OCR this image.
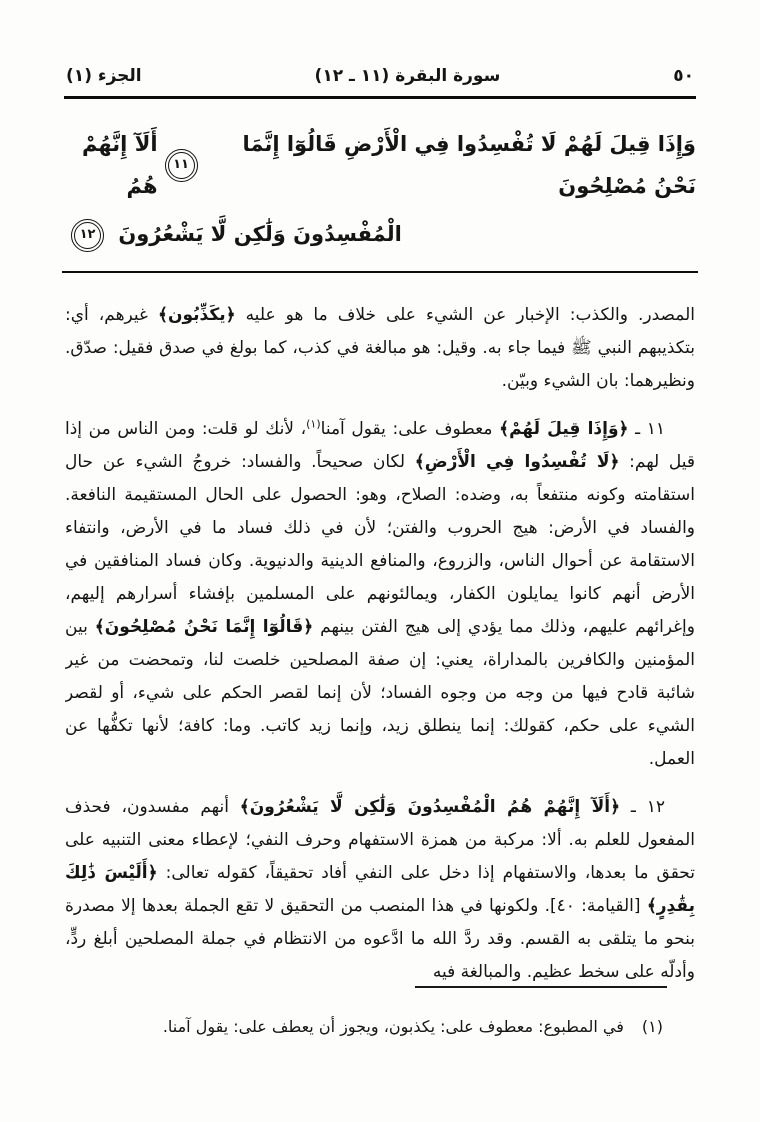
٥٠
سورة البقرة (١١ ـ ١٢)
الجزء (١)
وَإِذَا قِيلَ لَهُمْ لَا تُفْسِدُوا فِي الْأَرْضِ قَالُوٓا إِنَّمَا نَحْنُ مُصْلِحُونَ
١١
أَلَآ إِنَّهُمْ هُمُ
الْمُفْسِدُونَ وَلَٰكِن لَّا يَشْعُرُونَ ١٢

المصدر. والكذب: الإخبار عن الشيء على خلاف ما هو عليه ﴿يكَذِّبُون﴾ غيرهم، أي: بتكذيبهم النبي ﷺ فيما جاء به. وقيل: هو مبالغة في كذب، كما بولغ في صدق فقيل: صدّق. ونظيرهما: بان الشيء وبيّن.

١١ ـ ﴿وَإِذَا قِيلَ لَهُمْ﴾ معطوف على: يقول آمنا$^{(١)}$، لأنك لو قلت: ومن الناس من إذا قيل لهم: ﴿لَا تُفْسِدُوا فِي الْأَرْضِ﴾ لكان صحيحاً. والفساد: خروجُ الشيء عن حال استقامته وكونه منتفعاً به، وضده: الصلاح، وهو: الحصول على الحال المستقيمة النافعة. والفساد في الأرض: هيج الحروب والفتن؛ لأن في ذلك فساد ما في الأرض، وانتفاء الاستقامة عن أحوال الناس، والزروع، والمنافع الدينية والدنيوية. وكان فساد المنافقين في الأرض أنهم كانوا يمايلون الكفار، ويمالئونهم على المسلمين بإفشاء أسرارهم إليهم، وإغرائهم عليهم، وذلك مما يؤدي إلى هيج الفتن بينهم ﴿قَالُوٓا إِنَّمَا نَحْنُ مُصْلِحُونَ﴾ بين المؤمنين والكافرين بالمداراة، يعني: إن صفة المصلحين خلصت لنا، وتمحضت من غير شائبة قادح فيها من وجه من وجوه الفساد؛ لأن إنما لقصر الحكم على شيء، أو لقصر الشيء على حكم، كقولك: إنما ينطلق زيد، وإنما زيد كاتب. وما: كافة؛ لأنها تكفُّها عن العمل.

١٢ ـ ﴿أَلَآ إِنَّهُمْ هُمُ الْمُفْسِدُونَ وَلَٰكِن لَّا يَشْعُرُونَ﴾ أنهم مفسدون، فحذف المفعول للعلم به. ألا: مركبة من همزة الاستفهام وحرف النفي؛ لإعطاء معنى التنبيه على تحقق ما بعدها، والاستفهام إذا دخل على النفي أفاد تحقيقاً، كقوله تعالى: ﴿أَلَيْسَ ذَٰلِكَ بِقَٰدِرٍ﴾ [القيامة: ٤٠]. ولكونها في هذا المنصب من التحقيق لا تقع الجملة بعدها إلا مصدرة بنحو ما يتلقى به القسم. وقد ردَّ الله ما ادَّعوه من الانتظام في جملة المصلحين أبلغ ردٍّ، وأدلّه على سخط عظيم. والمبالغة فيه

(١)
في المطبوع: معطوف على: يكذبون، ويجوز أن يعطف على: يقول آمنا.
